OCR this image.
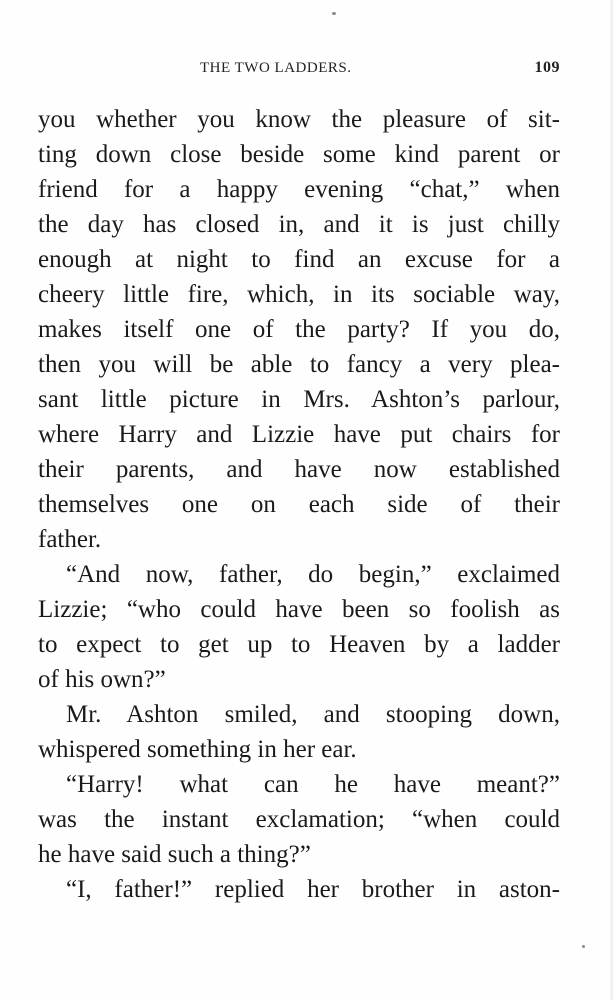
THE TWO LADDERS.	109
you whether you know the pleasure of sit-
ting down close beside some kind parent or
friend for a happy evening “chat,” when
the day has closed in, and it is just chilly
enough at night to find an excuse for a
cheery little fire, which, in its sociable way,
makes itself one of the party? If you do,
then you will be able to fancy a very plea-
sant little picture in Mrs. Ashton’s parlour,
where Harry and Lizzie have put chairs for
their parents, and have now established
themselves one on each side of their
father.
“And now, father, do begin,” exclaimed
Lizzie; “who could have been so foolish as
to expect to get up to Heaven by a ladder
of his own?”
Mr. Ashton smiled, and stooping down,
whispered something in her ear.
“Harry! what can he have meant?”
was the instant exclamation; “when could
he have said such a thing?”
“I, father!” replied her brother in aston-
